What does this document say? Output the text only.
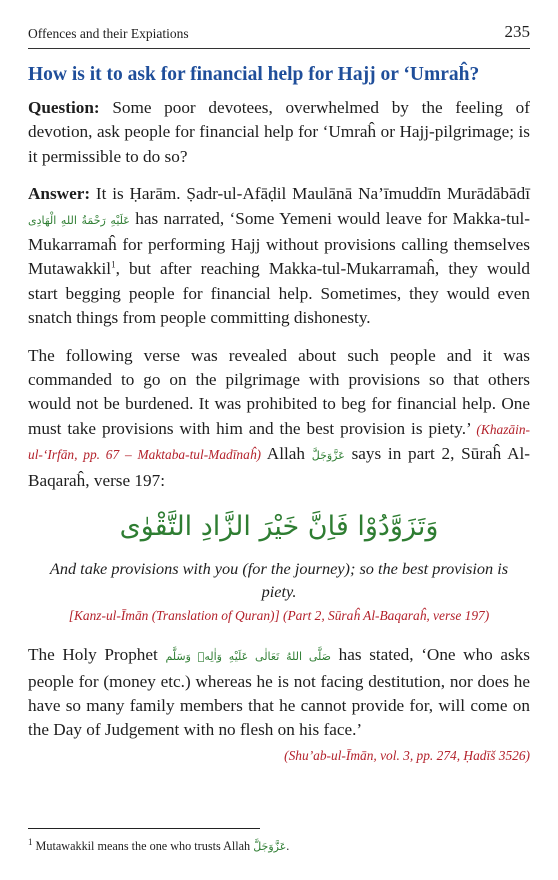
Offences and their Expiations	235
How is it to ask for financial help for Hajj or ‘Umraĥ?

Question: Some poor devotees, overwhelmed by the feeling of devotion, ask people for financial help for ‘Umraĥ or Hajj-pilgrimage; is it permissible to do so?

Answer: It is Ḥarām. Ṣadr-ul-Afāḍil Maulānā Na’īmuddīn Murādābādī عَلَيْهِ رَحْمَةُ اللهِ الْهَادِى has narrated, ‘Some Yemeni would leave for Makka-tul-Mukarramaĥ for performing Hajj without provisions calling themselves Mutawakkil$^1$, but after reaching Makka-tul-Mukarramaĥ, they would start begging people for financial help. Sometimes, they would even snatch things from people committing dishonesty.

The following verse was revealed about such people and it was commanded to go on the pilgrimage with provisions so that others would not be burdened. It was prohibited to beg for financial help. One must take provisions with him and the best provision is piety.’ (Khazāin-ul-‘Irfān, pp. 67 – Maktaba-tul-Madīnaĥ) Allah عَزَّوَجَلَّ says in part 2, Sūraĥ Al-Baqaraĥ, verse 197:

وَتَزَوَّدُوْا فَاِنَّ خَيْرَ الزَّادِ التَّقْوٰى
And take provisions with you (for the journey); so the best provision is piety.
[Kanz-ul-Īmān (Translation of Quran)] (Part 2, Sūraĥ Al-Baqaraĥ, verse 197)

The Holy Prophet صَلَّى اللهُ تَعَالٰى عَلَيْهِ وَاٰلِهٖ وَسَلَّم has stated, ‘One who asks people for (money etc.) whereas he is not facing destitution, nor does he have so many family members that he cannot provide for, will come on the Day of Judgement with no flesh on his face.’

(Shu’ab-ul-Īmān, vol. 3, pp. 274, Ḥadīš 3526)
$^1$ Mutawakkil means the one who trusts Allah عَزَّوَجَلَّ.
